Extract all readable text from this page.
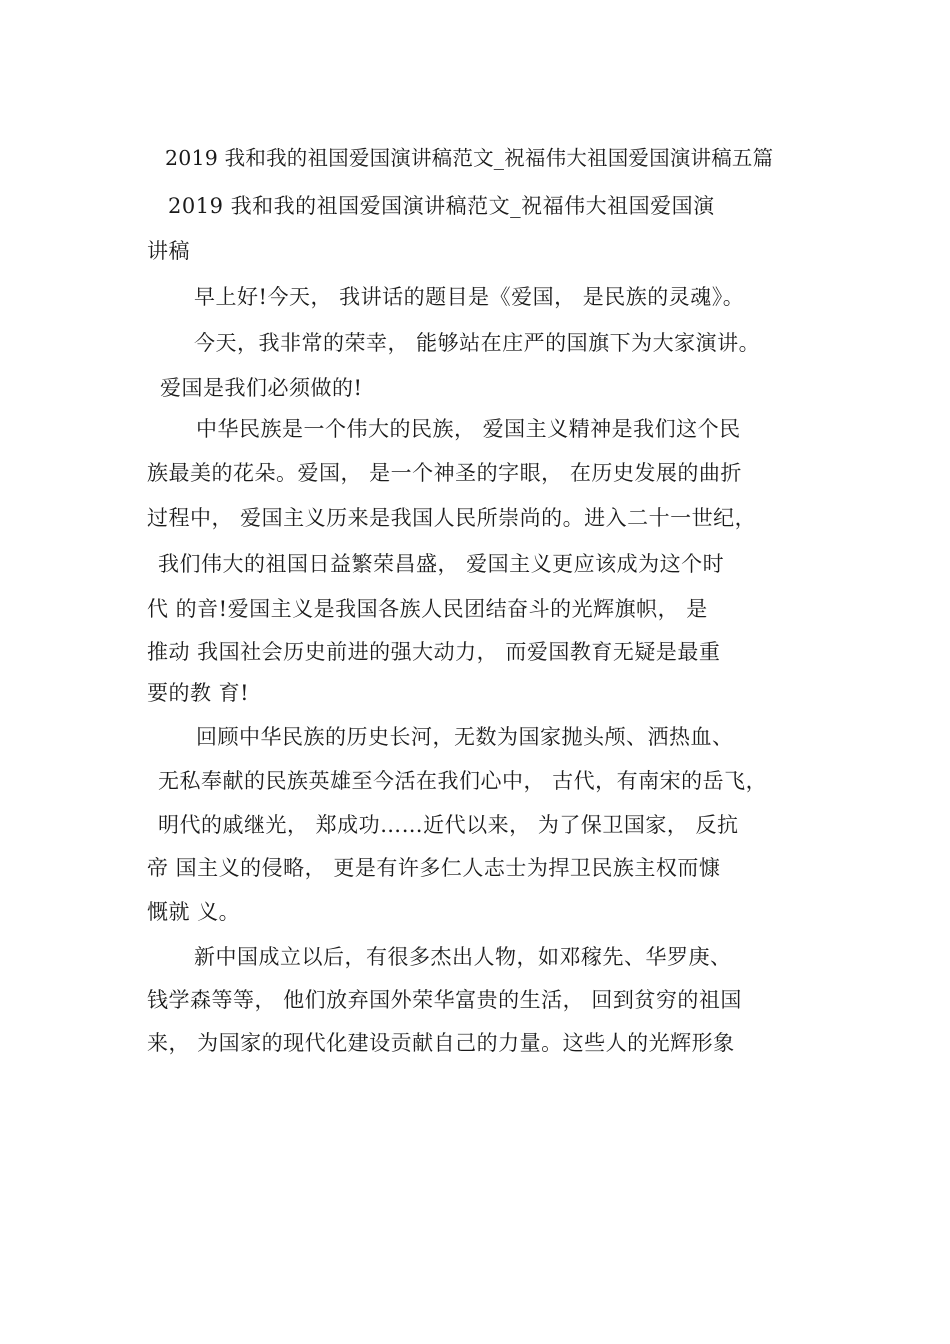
2019 我和我的祖国爱国演讲稿范文_祝福伟大祖国爱国演讲稿五篇
2019 我和我的祖国爱国演讲稿范文_祝福伟大祖国爱国演
讲稿
早上好!今天， 我讲话的题目是《爱国， 是民族的灵魂》。
今天，我非常的荣幸， 能够站在庄严的国旗下为大家演讲。
爱国是我们必须做的!
中华民族是一个伟大的民族， 爱国主义精神是我们这个民
族最美的花朵。爱国， 是一个神圣的字眼， 在历史发展的曲折
过程中， 爱国主义历来是我国人民所崇尚的。进入二十一世纪，
我们伟大的祖国日益繁荣昌盛， 爱国主义更应该成为这个时
代 的音!爱国主义是我国各族人民团结奋斗的光辉旗帜， 是
推动 我国社会历史前进的强大动力， 而爱国教育无疑是最重
要的教 育!
回顾中华民族的历史长河，无数为国家抛头颅、洒热血、
无私奉献的民族英雄至今活在我们心中， 古代，有南宋的岳飞，
明代的戚继光， 郑成功……近代以来， 为了保卫国家， 反抗
帝 国主义的侵略， 更是有许多仁人志士为捍卫民族主权而慷
慨就 义。
新中国成立以后，有很多杰出人物，如邓稼先、华罗庚、
钱学森等等， 他们放弃国外荣华富贵的生活， 回到贫穷的祖国
来， 为国家的现代化建设贡献自己的力量。这些人的光辉形象
